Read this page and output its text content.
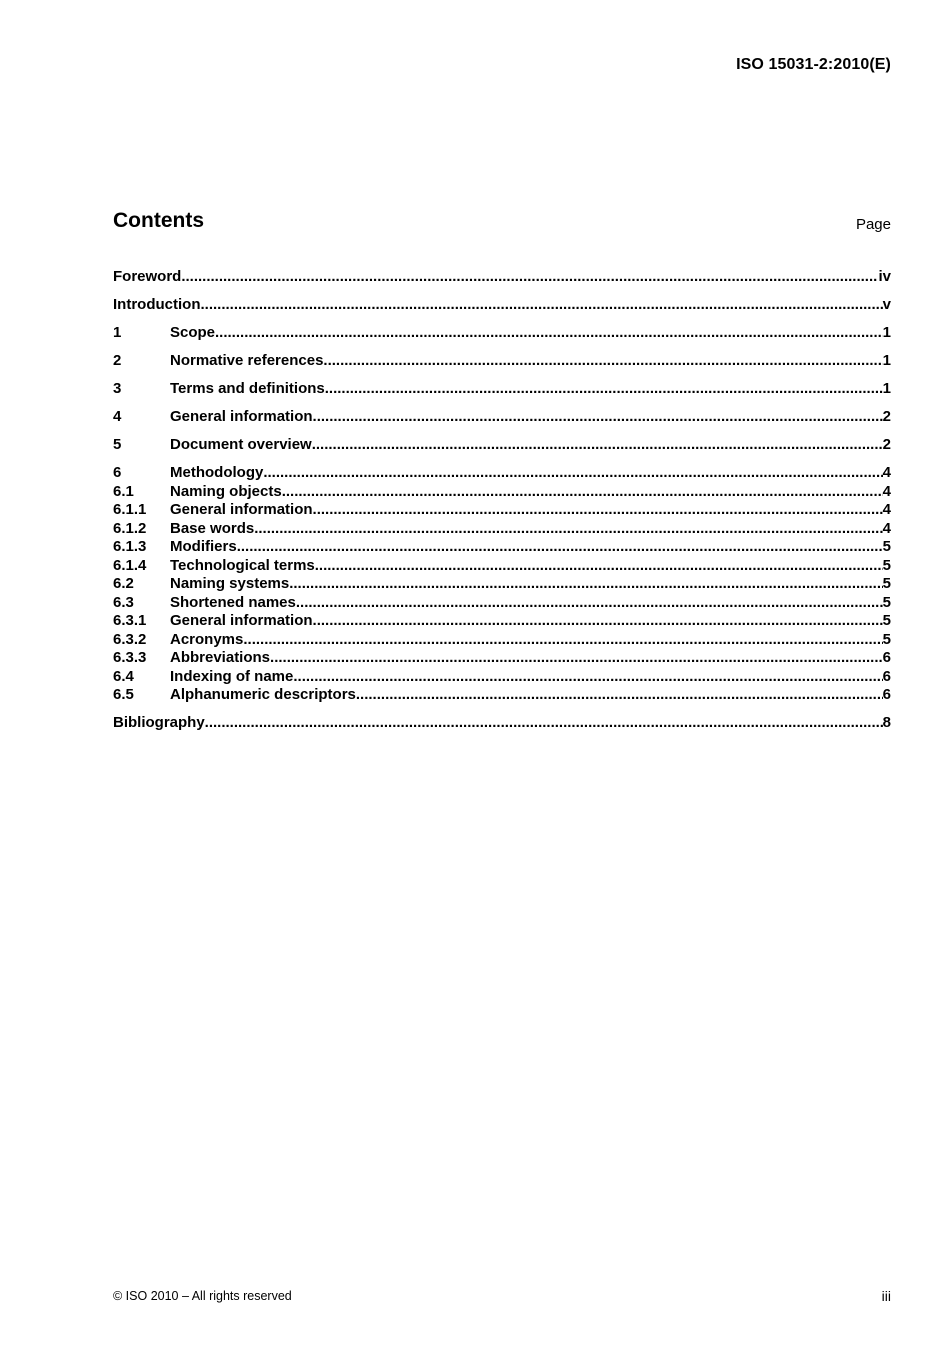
ISO 15031-2:2010(E)
Contents	Page
Foreword .....	iv
Introduction .....	v
1	Scope .....	1
2	Normative references .....	1
3	Terms and definitions .....	1
4	General information .....	2
5	Document overview .....	2
6	Methodology .....	4
6.1	Naming objects .....	4
6.1.1	General information .....	4
6.1.2	Base words .....	4
6.1.3	Modifiers .....	5
6.1.4	Technological terms .....	5
6.2	Naming systems .....	5
6.3	Shortened names .....	5
6.3.1	General information .....	5
6.3.2	Acronyms .....	5
6.3.3	Abbreviations .....	6
6.4	Indexing of name .....	6
6.5	Alphanumeric descriptors .....	6
Bibliography .....	8
© ISO 2010 – All rights reserved	iii
